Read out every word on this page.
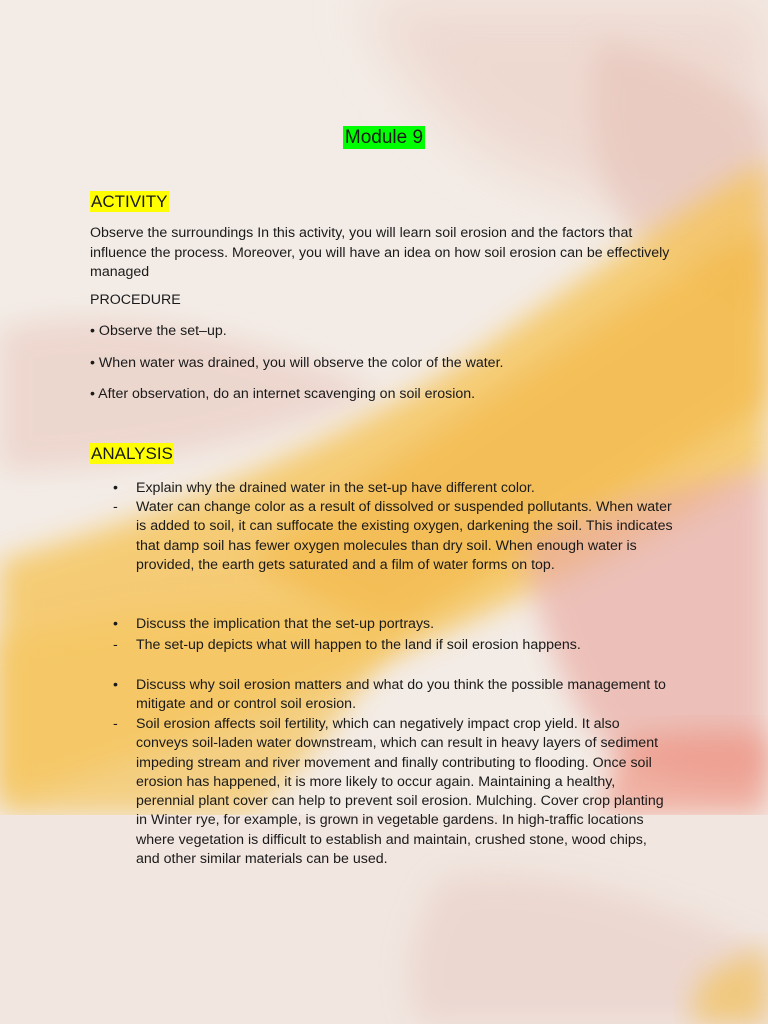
Module 9
ACTIVITY
Observe the surroundings In this activity, you will learn soil erosion and the factors that influence the process. Moreover, you will have an idea on how soil erosion can be effectively managed
PROCEDURE
• Observe the set–up.
• When water was drained, you will observe the color of the water.
• After observation, do an internet scavenging on soil erosion.
ANALYSIS
•	Explain why the drained water in the set-up have different color.
-	Water can change color as a result of dissolved or suspended pollutants. When water is added to soil, it can suffocate the existing oxygen, darkening the soil. This indicates that damp soil has fewer oxygen molecules than dry soil. When enough water is provided, the earth gets saturated and a film of water forms on top.
•	Discuss the implication that the set-up portrays.
-	The set-up depicts what will happen to the land if soil erosion happens.
•	Discuss why soil erosion matters and what do you think the possible management to mitigate and or control soil erosion.
-	Soil erosion affects soil fertility, which can negatively impact crop yield. It also conveys soil-laden water downstream, which can result in heavy layers of sediment impeding stream and river movement and finally contributing to flooding. Once soil erosion has happened, it is more likely to occur again. Maintaining a healthy, perennial plant cover can help to prevent soil erosion. Mulching. Cover crop planting in Winter rye, for example, is grown in vegetable gardens. In high-traffic locations where vegetation is difficult to establish and maintain, crushed stone, wood chips, and other similar materials can be used.
